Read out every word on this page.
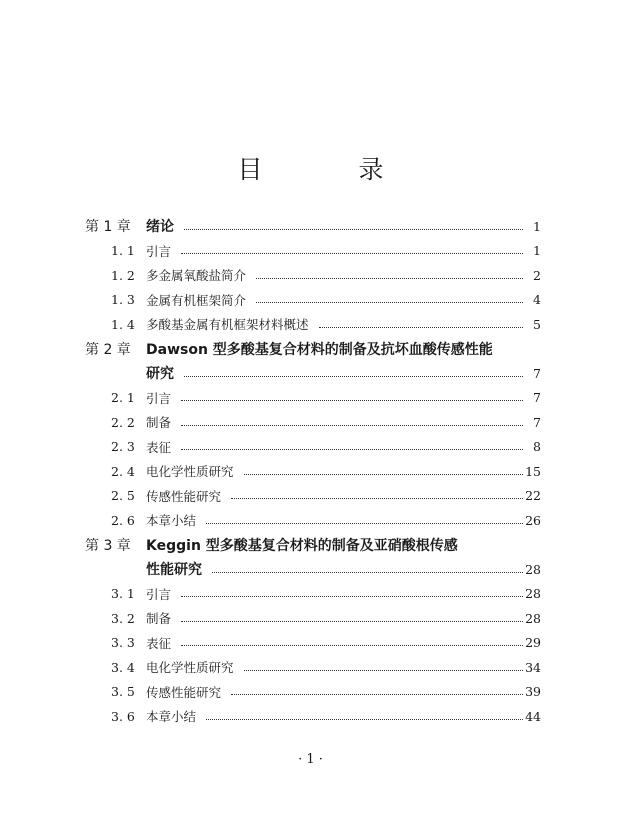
目 录
第 1 章 绪论	1
1. 1 引言	1
1. 2 多金属氧酸盐简介	2
1. 3 金属有机框架简介	4
1. 4 多酸基金属有机框架材料概述	5
第 2 章 Dawson 型多酸基复合材料的制备及抗坏血酸传感性能
研究	7
2. 1 引言	7
2. 2 制备	7
2. 3 表征	8
2. 4 电化学性质研究	15
2. 5 传感性能研究	22
2. 6 本章小结	26
第 3 章 Keggin 型多酸基复合材料的制备及亚硝酸根传感
性能研究	28
3. 1 引言	28
3. 2 制备	28
3. 3 表征	29
3. 4 电化学性质研究	34
3. 5 传感性能研究	39
3. 6 本章小结	44
· 1 ·
